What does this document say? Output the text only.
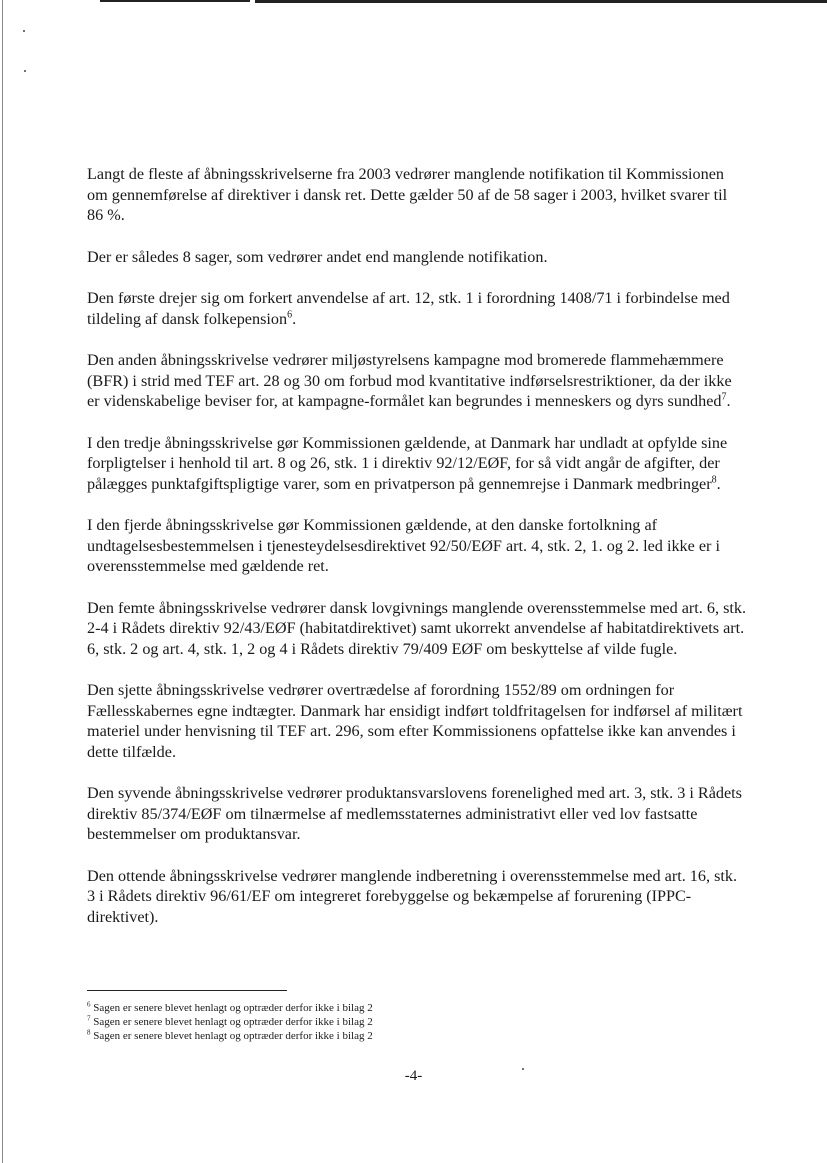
Langt de fleste af åbningsskrivelserne fra 2003 vedrører manglende notifikation til Kommissionen om gennemførelse af direktiver i dansk ret. Dette gælder 50 af de 58 sager i 2003, hvilket svarer til 86 %.

Der er således 8 sager, som vedrører andet end manglende notifikation.

Den første drejer sig om forkert anvendelse af art. 12, stk. 1 i forordning 1408/71 i forbindelse med tildeling af dansk folkepension$^6$.

Den anden åbningsskrivelse vedrører miljøstyrelsens kampagne mod bromerede flammehæmmere (BFR) i strid med TEF art. 28 og 30 om forbud mod kvantitative indførselsrestriktioner, da der ikke er videnskabelige beviser for, at kampagne-formålet kan begrundes i menneskers og dyrs sundhed$^7$.

I den tredje åbningsskrivelse gør Kommissionen gældende, at Danmark har undladt at opfylde sine forpligtelser i henhold til art. 8 og 26, stk. 1 i direktiv 92/12/EØF, for så vidt angår de afgifter, der pålægges punktafgiftspligtige varer, som en privatperson på gennemrejse i Danmark medbringer$^8$.

I den fjerde åbningsskrivelse gør Kommissionen gældende, at den danske fortolkning af undtagelsesbestemmelsen i tjenesteydelsesdirektivet 92/50/EØF art. 4, stk. 2, 1. og 2. led ikke er i overensstemmelse med gældende ret.

Den femte åbningsskrivelse vedrører dansk lovgivnings manglende overensstemmelse med art. 6, stk. 2-4 i Rådets direktiv 92/43/EØF (habitatdirektivet) samt ukorrekt anvendelse af habitatdirektivets art. 6, stk. 2 og art. 4, stk. 1, 2 og 4 i Rådets direktiv 79/409 EØF om beskyttelse af vilde fugle.

Den sjette åbningsskrivelse vedrører overtrædelse af forordning 1552/89 om ordningen for Fællesskabernes egne indtægter. Danmark har ensidigt indført toldfritagelsen for indførsel af militært materiel under henvisning til TEF art. 296, som efter Kommissionens opfattelse ikke kan anvendes i dette tilfælde.

Den syvende åbningsskrivelse vedrører produktansvarslovens forenelighed med art. 3, stk. 3 i Rådets direktiv 85/374/EØF om tilnærmelse af medlemsstaternes administrativt eller ved lov fastsatte bestemmelser om produktansvar.

Den ottende åbningsskrivelse vedrører manglende indberetning i overensstemmelse med art. 16, stk. 3 i Rådets direktiv 96/61/EF om integreret forebyggelse og bekæmpelse af forurening (IPPC-direktivet).

$^6$ Sagen er senere blevet henlagt og optræder derfor ikke i bilag 2
$^7$ Sagen er senere blevet henlagt og optræder derfor ikke i bilag 2
$^8$ Sagen er senere blevet henlagt og optræder derfor ikke i bilag 2
-4-
